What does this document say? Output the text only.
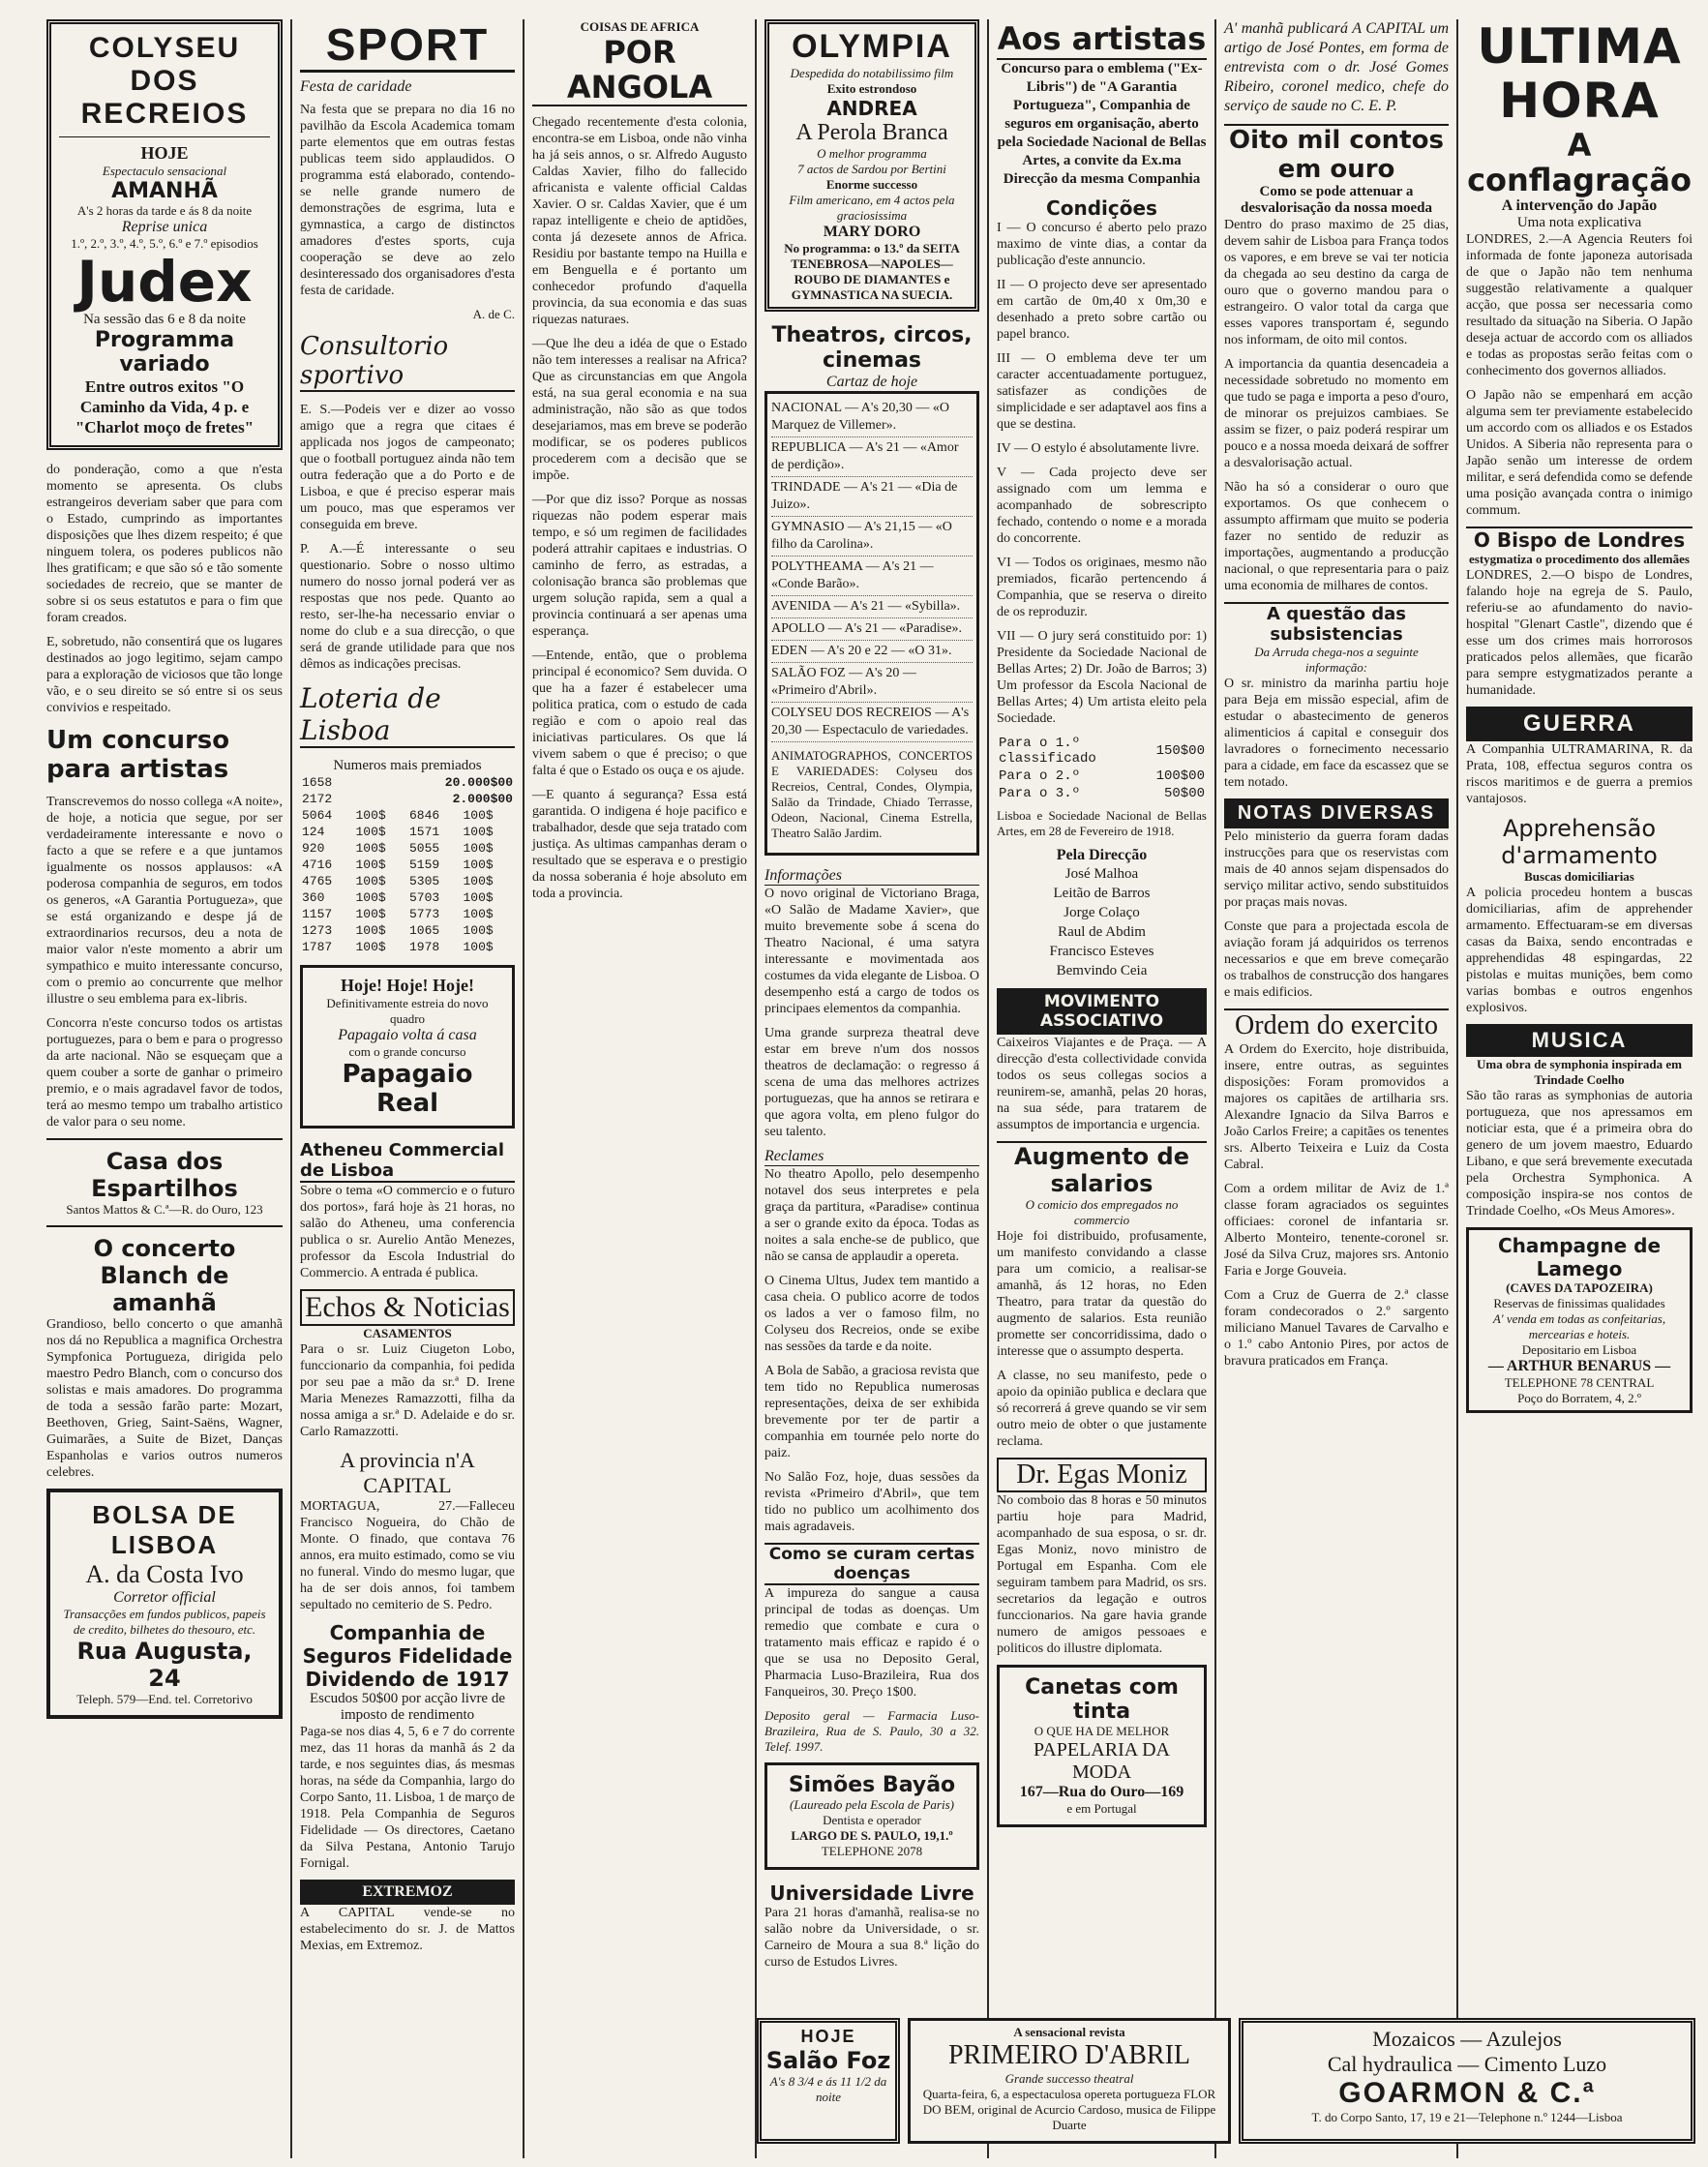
COLYSEU DOS RECREIOS
HOJE
Espectaculo sensacional
AMANHÃ
A's 2 horas da tarde e ás 8 da noite
Reprise unica
1.º, 2.º, 3.º, 4.º, 5.º, 6.º e 7.º episodios
Judex
Na sessão das 6 e 8 da noite
Programma variado
Entre outros exitos "O Caminho da Vida, 4 p. e "Charlot moço de fretes"

do ponderação, como a que n'esta momento se apresenta. Os clubs estrangeiros deveriam saber que para com o Estado, cumprindo as importantes disposições que lhes dizem respeito; é que ninguem tolera, os poderes publicos não lhes gratificam; e que são só e tão somente sociedades de recreio, que se manter de sobre si os seus estatutos e para o fim que foram creados.

E, sobretudo, não consentirá que os lugares destinados ao jogo legitimo, sejam campo para a exploração de viciosos que tão longe vão, e o seu direito se só entre si os seus convivios e respeitado.

Um concurso para artistas

Transcrevemos do nosso collega «A noite», de hoje, a noticia que segue, por ser verdadeiramente interessante e novo o facto a que se refere e a que juntamos igualmente os nossos applausos: «A poderosa companhia de seguros, em todos os generos, «A Garantia Portugueza», que se está organizando e despe já de extraordinarios recursos, deu a nota de maior valor n'este momento a abrir um sympathico e muito interessante concurso, com o premio ao concurrente que melhor illustre o seu emblema para ex-libris.

Concorra n'este concurso todos os artistas portuguezes, para o bem e para o progresso da arte nacional. Não se esqueçam que a quem couber a sorte de ganhar o primeiro premio, e o mais agradavel favor de todos, terá ao mesmo tempo um trabalho artistico de valor para o seu nome.

Casa dos Espartilhos
Santos Mattos & C.ª—R. do Ouro, 123
O concerto Blanch de amanhã

Grandioso, bello concerto o que amanhã nos dá no Republica a magnifica Orchestra Sympfonica Portugueza, dirigida pelo maestro Pedro Blanch, com o concurso dos solistas e mais amadores. Do programma de toda a sessão farão parte: Mozart, Beethoven, Grieg, Saint-Saëns, Wagner, Guimarães, a Suite de Bizet, Danças Espanholas e varios outros numeros celebres.

BOLSA DE LISBOA
A. da Costa Ivo
Corretor official
Transacções em fundos publicos, papeis de credito, bilhetes do thesouro, etc.
Rua Augusta, 24
Teleph. 579—End. tel. Corretorivo
SPORT
Festa de caridade

Na festa que se prepara no dia 16 no pavilhão da Escola Academica tomam parte elementos que em outras festas publicas teem sido applaudidos. O programma está elaborado, contendo-se nelle grande numero de demonstrações de esgrima, luta e gymnastica, a cargo de distinctos amadores d'estes sports, cuja cooperação se deve ao zelo desinteressado dos organisadores d'esta festa de caridade.

A. de C.
Consultorio sportivo

E. S.—Podeis ver e dizer ao vosso amigo que a regra que citaes é applicada nos jogos de campeonato; que o football portuguez ainda não tem outra federação que a do Porto e de Lisboa, e que é preciso esperar mais um pouco, mas que esperamos ver conseguida em breve.

P. A.—É interessante o seu questionario. Sobre o nosso ultimo numero do nosso jornal poderá ver as respostas que nos pede. Quanto ao resto, ser-lhe-ha necessario enviar o nome do club e a sua direcção, o que será de grande utilidade para que nos dêmos as indicações precisas.

Loteria de Lisboa
Numeros mais premiados
1658	20.000$00		
2172	2.000$00		
5064	100$	6846	100$
124	100$	1571	100$
920	100$	5055	100$
4716	100$	5159	100$
4765	100$	5305	100$
360	100$	5703	100$
1157	100$	5773	100$
1273	100$	1065	100$
1787	100$	1978	100$
Hoje! Hoje! Hoje!
Definitivamente estreia do novo quadro
Papagaio volta á casa
com o grande concurso
Papagaio Real
Atheneu Commercial de Lisboa

Sobre o tema «O commercio e o futuro dos portos», fará hoje às 21 horas, no salão do Atheneu, uma conferencia publica o sr. Aurelio Antão Menezes, professor da Escola Industrial do Commercio. A entrada é publica.

Echos & Noticias
CASAMENTOS

Para o sr. Luiz Ciugeton Lobo, funccionario da companhia, foi pedida por seu pae a mão da sr.ª D. Irene Maria Menezes Ramazzotti, filha da nossa amiga a sr.ª D. Adelaide e do sr. Carlo Ramazzotti.

A provincia n'A CAPITAL

MORTAGUA, 27.—Falleceu Francisco Nogueira, do Chão de Monte. O finado, que contava 76 annos, era muito estimado, como se viu no funeral. Vindo do mesmo lugar, que ha de ser dois annos, foi tambem sepultado no cemiterio de S. Pedro.

Companhia de Seguros Fidelidade
Dividendo de 1917
Escudos 50$00 por acção livre de imposto de rendimento

Paga-se nos dias 4, 5, 6 e 7 do corrente mez, das 11 horas da manhã ás 2 da tarde, e nos seguintes dias, ás mesmas horas, na séde da Companhia, largo do Corpo Santo, 11. Lisboa, 1 de março de 1918. Pela Companhia de Seguros Fidelidade — Os directores, Caetano da Silva Pestana, Antonio Tarujo Fornigal.

EXTREMOZ

A CAPITAL vende-se no estabelecimento do sr. J. de Mattos Mexias, em Extremoz.

COISAS DE AFRICA
POR ANGOLA

Chegado recentemente d'esta colonia, encontra-se em Lisboa, onde não vinha ha já seis annos, o sr. Alfredo Augusto Caldas Xavier, filho do fallecido africanista e valente official Caldas Xavier. O sr. Caldas Xavier, que é um rapaz intelligente e cheio de aptidões, conta já dezesete annos de Africa. Residiu por bastante tempo na Huilla e em Benguella e é portanto um conhecedor profundo d'aquella provincia, da sua economia e das suas riquezas naturaes.

—Que lhe deu a idéa de que o Estado não tem interesses a realisar na Africa? Que as circunstancias em que Angola está, na sua geral economia e na sua administração, não são as que todos desejariamos, mas em breve se poderão modificar, se os poderes publicos procederem com a decisão que se impõe.

—Por que diz isso? Porque as nossas riquezas não podem esperar mais tempo, e só um regimen de facilidades poderá attrahir capitaes e industrias. O caminho de ferro, as estradas, a colonisação branca são problemas que urgem solução rapida, sem a qual a provincia continuará a ser apenas uma esperança.

—Entende, então, que o problema principal é economico? Sem duvida. O que ha a fazer é estabelecer uma politica pratica, com o estudo de cada região e com o apoio real das iniciativas particulares. Os que lá vivem sabem o que é preciso; o que falta é que o Estado os ouça e os ajude.

—E quanto á segurança? Essa está garantida. O indigena é hoje pacifico e trabalhador, desde que seja tratado com justiça. As ultimas campanhas deram o resultado que se esperava e o prestigio da nossa soberania é hoje absoluto em toda a provincia.

OLYMPIA
Despedida do notabilissimo film
Exito estrondoso
ANDREA
A Perola Branca
O melhor programma
7 actos de Sardou por Bertini
Enorme successo
Film americano, em 4 actos pela graciosissima
MARY DORO
No programma: o 13.º da SEITA TENEBROSA—NAPOLES—ROUBO DE DIAMANTES e GYMNASTICA NA SUECIA.
Theatros, circos, cinemas
Cartaz de hoje
NACIONAL — A's 20,30 — «O Marquez de Villemer».
REPUBLICA — A's 21 — «Amor de perdição».
TRINDADE — A's 21 — «Dia de Juizo».
GYMNASIO — A's 21,15 — «O filho da Carolina».
POLYTHEAMA — A's 21 — «Conde Barão».
AVENIDA — A's 21 — «Sybilla».
APOLLO — A's 21 — «Paradise».
EDEN — A's 20 e 22 — «O 31».
SALÃO FOZ — A's 20 — «Primeiro d'Abril».
COLYSEU DOS RECREIOS — A's 20,30 — Espectaculo de variedades.

ANIMATOGRAPHOS, CONCERTOS E VARIEDADES: Colyseu dos Recreios, Central, Condes, Olympia, Salão da Trindade, Chiado Terrasse, Odeon, Nacional, Cinema Estrella, Theatro Salão Jardim.

Informações

O novo original de Victoriano Braga, «O Salão de Madame Xavier», que muito brevemente sobe á scena do Theatro Nacional, é uma satyra interessante e movimentada aos costumes da vida elegante de Lisboa. O desempenho está a cargo de todos os principaes elementos da companhia.

Uma grande surpreza theatral deve estar em breve n'um dos nossos theatros de declamação: o regresso á scena de uma das melhores actrizes portuguezas, que ha annos se retirara e que agora volta, em pleno fulgor do seu talento.

Reclames

No theatro Apollo, pelo desempenho notavel dos seus interpretes e pela graça da partitura, «Paradise» continua a ser o grande exito da época. Todas as noites a sala enche-se de publico, que não se cansa de applaudir a opereta.

O Cinema Ultus, Judex tem mantido a casa cheia. O publico acorre de todos os lados a ver o famoso film, no Colyseu dos Recreios, onde se exibe nas sessões da tarde e da noite.

A Bola de Sabão, a graciosa revista que tem tido no Republica numerosas representações, deixa de ser exhibida brevemente por ter de partir a companhia em tournée pelo norte do paiz.

No Salão Foz, hoje, duas sessões da revista «Primeiro d'Abril», que tem tido no publico um acolhimento dos mais agradaveis.

Como se curam certas doenças

A impureza do sangue a causa principal de todas as doenças. Um remedio que combate e cura o tratamento mais efficaz e rapido é o que se usa no Deposito Geral, Pharmacia Luso-Brazileira, Rua dos Fanqueiros, 30. Preço 1$00.

Deposito geral — Farmacia Luso-Brazileira, Rua de S. Paulo, 30 a 32. Telef. 1997.

Simões Bayão
(Laureado pela Escola de Paris)
Dentista e operador
LARGO DE S. PAULO, 19,1.º
TELEPHONE 2078
Universidade Livre

Para 21 horas d'amanhã, realisa-se no salão nobre da Universidade, o sr. Carneiro de Moura a sua 8.ª lição do curso de Estudos Livres.

Aos artistas

Concurso para o emblema ("Ex-Libris") de "A Garantia Portugueza", Companhia de seguros em organisação, aberto pela Sociedade Nacional de Bellas Artes, a convite da Ex.ma Direcção da mesma Companhia

Condições

I — O concurso é aberto pelo prazo maximo de vinte dias, a contar da publicação d'este annuncio.

II — O projecto deve ser apresentado em cartão de 0m,40 x 0m,30 e desenhado a preto sobre cartão ou papel branco.

III — O emblema deve ter um caracter accentuadamente portuguez, satisfazer as condições de simplicidade e ser adaptavel aos fins a que se destina.

IV — O estylo é absolutamente livre.

V — Cada projecto deve ser assignado com um lemma e acompanhado de sobrescripto fechado, contendo o nome e a morada do concorrente.

VI — Todos os originaes, mesmo não premiados, ficarão pertencendo á Companhia, que se reserva o direito de os reproduzir.

VII — O jury será constituido por: 1) Presidente da Sociedade Nacional de Bellas Artes; 2) Dr. João de Barros; 3) Um professor da Escola Nacional de Bellas Artes; 4) Um artista eleito pela Sociedade.

Para o 1.º classificado	150$00
Para o 2.º	100$00
Para o 3.º	50$00

Lisboa e Sociedade Nacional de Bellas Artes, em 28 de Fevereiro de 1918.

Pela Direcção
José Malhoa
Leitão de Barros
Jorge Colaço
Raul de Abdim
Francisco Esteves
Bemvindo Ceia
MOVIMENTO ASSOCIATIVO

Caixeiros Viajantes e de Praça. — A direcção d'esta collectividade convida todos os seus collegas socios a reunirem-se, amanhã, pelas 20 horas, na sua séde, para tratarem de assumptos de importancia e urgencia.

Augmento de salarios
O comicio dos empregados no commercio

Hoje foi distribuido, profusamente, um manifesto convidando a classe para um comicio, a realisar-se amanhã, ás 12 horas, no Eden Theatro, para tratar da questão do augmento de salarios. Esta reunião promette ser concorridissima, dado o interesse que o assumpto desperta.

A classe, no seu manifesto, pede o apoio da opinião publica e declara que só recorrerá á greve quando se vir sem outro meio de obter o que justamente reclama.

Dr. Egas Moniz

No comboio das 8 horas e 50 minutos partiu hoje para Madrid, acompanhado de sua esposa, o sr. dr. Egas Moniz, novo ministro de Portugal em Espanha. Com ele seguiram tambem para Madrid, os srs. secretarios da legação e outros funccionarios. Na gare havia grande numero de amigos pessoaes e politicos do illustre diplomata.

Canetas com tinta
O QUE HA DE MELHOR
PAPELARIA DA MODA
167—Rua do Ouro—169
e em Portugal

A' manhã publicará A CAPITAL um artigo de José Pontes, em forma de entrevista com o dr. José Gomes Ribeiro, coronel medico, chefe do serviço de saude no C. E. P.

Oito mil contos em ouro
Como se pode attenuar a desvalorisação da nossa moeda

Dentro do praso maximo de 25 dias, devem sahir de Lisboa para França todos os vapores, e em breve se vai ter noticia da chegada ao seu destino da carga de ouro que o governo mandou para o estrangeiro. O valor total da carga que esses vapores transportam é, segundo nos informam, de oito mil contos.

A importancia da quantia desencadeia a necessidade sobretudo no momento em que tudo se paga e importa a peso d'ouro, de minorar os prejuizos cambiaes. Se assim se fizer, o paiz poderá respirar um pouco e a nossa moeda deixará de soffrer a desvalorisação actual.

Não ha só a considerar o ouro que exportamos. Os que conhecem o assumpto affirmam que muito se poderia fazer no sentido de reduzir as importações, augmentando a producção nacional, o que representaria para o paiz uma economia de milhares de contos.

A questão das subsistencias
Da Arruda chega-nos a seguinte informação:

O sr. ministro da marinha partiu hoje para Beja em missão especial, afim de estudar o abastecimento de generos alimenticios á capital e conseguir dos lavradores o fornecimento necessario para a cidade, em face da escassez que se tem notado.

NOTAS DIVERSAS

Pelo ministerio da guerra foram dadas instrucções para que os reservistas com mais de 40 annos sejam dispensados do serviço militar activo, sendo substituidos por praças mais novas.

Conste que para a projectada escola de aviação foram já adquiridos os terrenos necessarios e que em breve começarão os trabalhos de construcção dos hangares e mais edificios.

Ordem do exercito

A Ordem do Exercito, hoje distribuida, insere, entre outras, as seguintes disposições: Foram promovidos a majores os capitães de artilharia srs. Alexandre Ignacio da Silva Barros e João Carlos Freire; a capitães os tenentes srs. Alberto Teixeira e Luiz da Costa Cabral.

Com a ordem militar de Aviz de 1.ª classe foram agraciados os seguintes officiaes: coronel de infantaria sr. Alberto Monteiro, tenente-coronel sr. José da Silva Cruz, majores srs. Antonio Faria e Jorge Gouveia.

Com a Cruz de Guerra de 2.ª classe foram condecorados o 2.º sargento miliciano Manuel Tavares de Carvalho e o 1.º cabo Antonio Pires, por actos de bravura praticados em França.

ULTIMA HORA
A conflagração
A intervenção do Japão
Uma nota explicativa

LONDRES, 2.—A Agencia Reuters foi informada de fonte japoneza autorisada de que o Japão não tem nenhuma suggestão relativamente a qualquer acção, que possa ser necessaria como resultado da situação na Siberia. O Japão deseja actuar de accordo com os alliados e todas as propostas serão feitas com o conhecimento dos governos alliados.

O Japão não se empenhará em acção alguma sem ter previamente estabelecido um accordo com os alliados e os Estados Unidos. A Siberia não representa para o Japão senão um interesse de ordem militar, e será defendida como se defende uma posição avançada contra o inimigo commum.

O Bispo de Londres
estygmatiza o procedimento dos allemães

LONDRES, 2.—O bispo de Londres, falando hoje na egreja de S. Paulo, referiu-se ao afundamento do navio-hospital "Glenart Castle", dizendo que é esse um dos crimes mais horrorosos praticados pelos allemães, que ficarão para sempre estygmatizados perante a humanidade.

GUERRA

A Companhia ULTRAMARINA, R. da Prata, 108, effectua seguros contra os riscos maritimos e de guerra a premios vantajosos.

Apprehensão d'armamento
Buscas domiciliarias

A policia procedeu hontem a buscas domiciliarias, afim de apprehender armamento. Effectuaram-se em diversas casas da Baixa, sendo encontradas e apprehendidas 48 espingardas, 22 pistolas e muitas munições, bem como varias bombas e outros engenhos explosivos.

MUSICA
Uma obra de symphonia inspirada em Trindade Coelho

São tão raras as symphonias de autoria portugueza, que nos apressamos em noticiar esta, que é a primeira obra do genero de um jovem maestro, Eduardo Libano, e que será brevemente executada pela Orchestra Symphonica. A composição inspira-se nos contos de Trindade Coelho, «Os Meus Amores».

Champagne de Lamego
(CAVES DA TAPOZEIRA)
Reservas de finissimas qualidades
A' venda em todas as confeitarias, mercearias e hoteis.
Depositario em Lisboa
— ARTHUR BENARUS —
TELEPHONE 78 CENTRAL
Poço do Borratem, 4, 2.º
HOJE
Salão Foz
A's 8 3/4 e ás 11 1/2 da noite
A sensacional revista
PRIMEIRO D'ABRIL
Grande successo theatral
Quarta-feira, 6, a espectaculosa opereta portugueza FLOR DO BEM, original de Acurcio Cardoso, musica de Filippe Duarte
Mozaicos — Azulejos
Cal hydraulica — Cimento Luzo
GOARMON & C.ª
T. do Corpo Santo, 17, 19 e 21—Telephone n.º 1244—Lisboa
